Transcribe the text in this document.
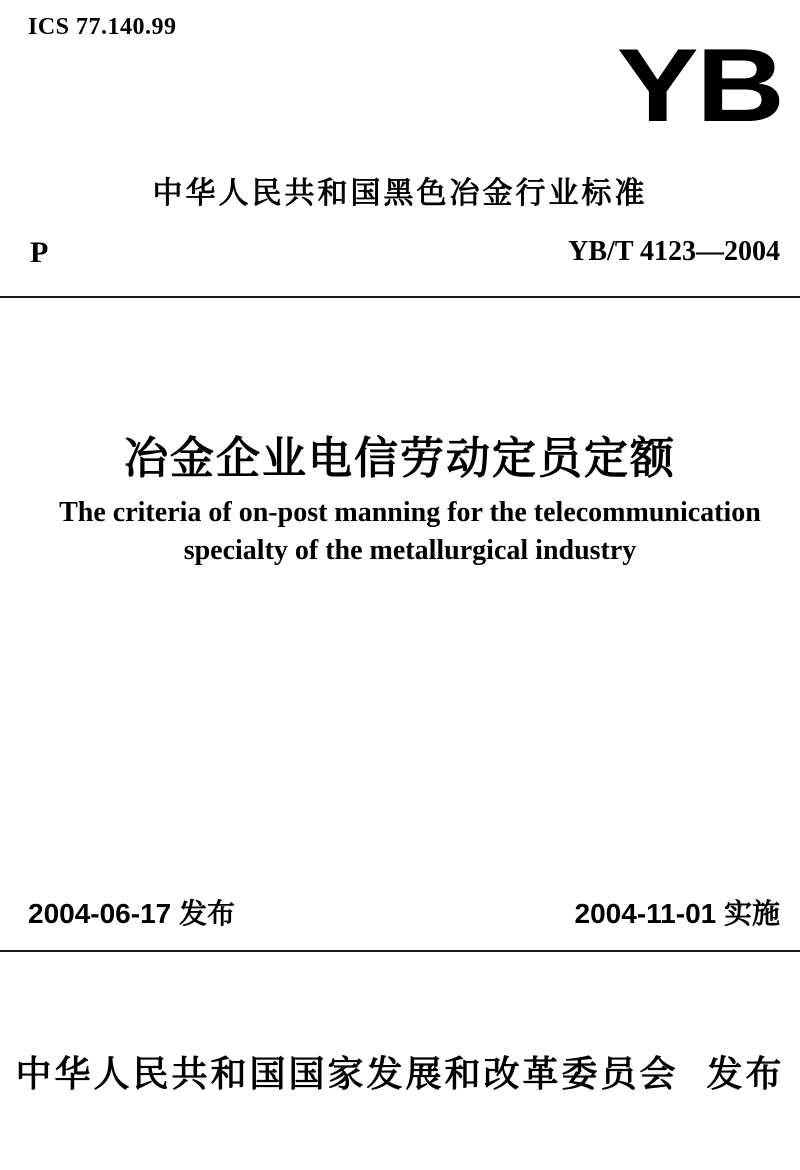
ICS 77.140.99
YB
中华人民共和国黑色冶金行业标准
P	YB/T 4123—2004
冶金企业电信劳动定员定额
The criteria of on-post manning for the telecommunication
specialty of the metallurgical industry
2004-06-17 发布	2004-11-01 实施
中华人民共和国国家发展和改革委员会 发布
